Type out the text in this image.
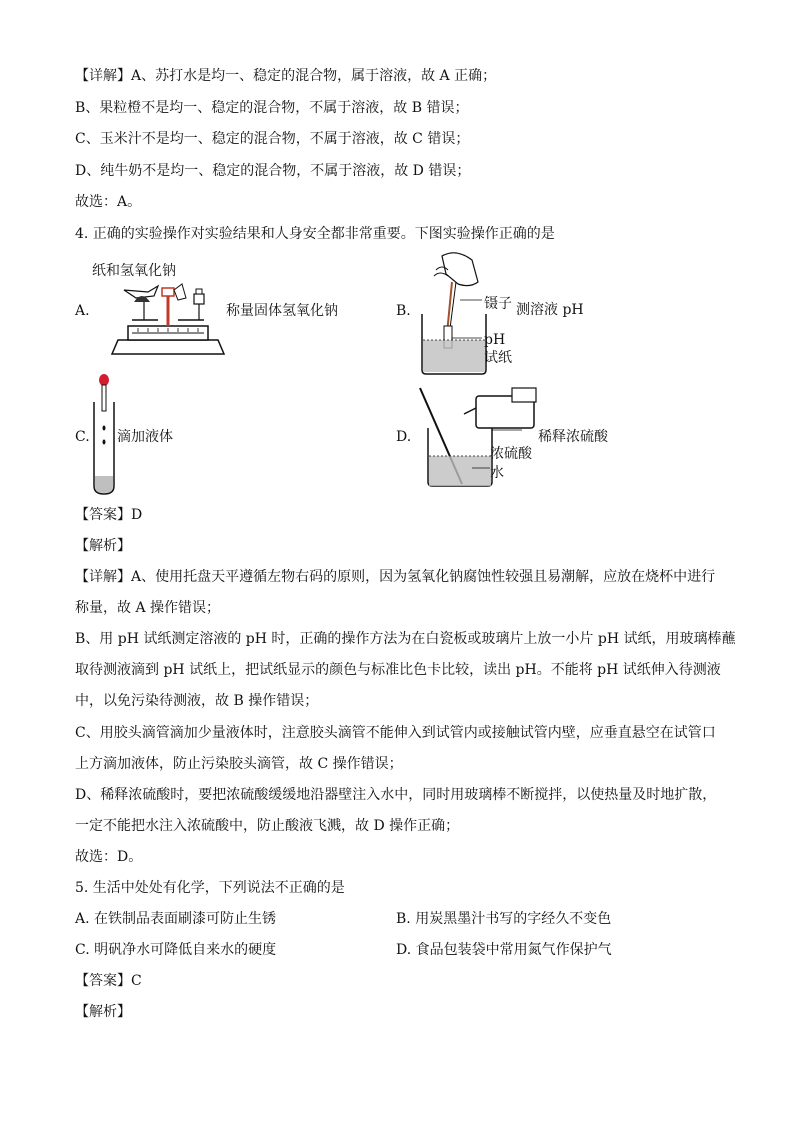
【详解】A、苏打水是均一、稳定的混合物，属于溶液，故 A 正确；
B、果粒橙不是均一、稳定的混合物，不属于溶液，故 B 错误；
C、玉米汁不是均一、稳定的混合物，不属于溶液，故 C 错误；
D、纯牛奶不是均一、稳定的混合物，不属于溶液，故 D 错误；
故选：A。
4. 正确的实验操作对实验结果和人身安全都非常重要。下图实验操作正确的是
A.
纸和氢氧化钠
称量固体氢氧化钠	B.	镊子 测溶液 pH
pH
试纸
C. 滴加液体	D.	稀释浓硫酸
浓硫酸
水
【答案】D
【解析】
【详解】A、使用托盘天平遵循左物右码的原则，因为氢氧化钠腐蚀性较强且易潮解，应放在烧杯中进行
称量，故 A 操作错误；
B、用 pH 试纸测定溶液的 pH 时，正确的操作方法为在白瓷板或玻璃片上放一小片 pH 试纸，用玻璃棒蘸
取待测液滴到 pH 试纸上，把试纸显示的颜色与标准比色卡比较，读出 pH。不能将 pH 试纸伸入待测液
中，以免污染待测液，故 B 操作错误；
C、用胶头滴管滴加少量液体时，注意胶头滴管不能伸入到试管内或接触试管内壁，应垂直悬空在试管口
上方滴加液体，防止污染胶头滴管，故 C 操作错误；
D、稀释浓硫酸时，要把浓硫酸缓缓地沿器壁注入水中，同时用玻璃棒不断搅拌，以使热量及时地扩散，
一定不能把水注入浓硫酸中，防止酸液飞溅，故 D 操作正确；
故选：D。
5. 生活中处处有化学，下列说法不正确的是
A. 在铁制品表面刷漆可防止生锈	B. 用炭黑墨汁书写的字经久不变色
C. 明矾净水可降低自来水的硬度	D. 食品包装袋中常用氮气作保护气
【答案】C
【解析】
